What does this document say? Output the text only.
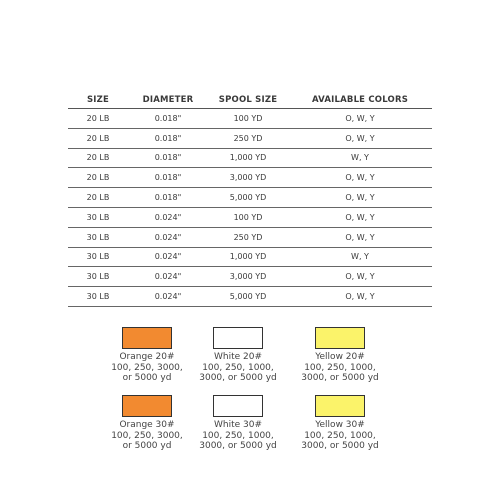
SIZE	DIAMETER	SPOOL SIZE	AVAILABLE COLORS
20 LB	0.018"	100 YD	O, W, Y
20 LB	0.018"	250 YD	O, W, Y
20 LB	0.018"	1,000 YD	W, Y
20 LB	0.018"	3,000 YD	O, W, Y
20 LB	0.018"	5,000 YD	O, W, Y
30 LB	0.024"	100 YD	O, W, Y
30 LB	0.024"	250 YD	O, W, Y
30 LB	0.024"	1,000 YD	W, Y
30 LB	0.024"	3,000 YD	O, W, Y
30 LB	0.024"	5,000 YD	O, W, Y
Orange 20#
100, 250, 3000,
or 5000 yd
White 20#
100, 250, 1000,
3000, or 5000 yd
Yellow 20#
100, 250, 1000,
3000, or 5000 yd
Orange 30#
100, 250, 3000,
or 5000 yd
White 30#
100, 250, 1000,
3000, or 5000 yd
Yellow 30#
100, 250, 1000,
3000, or 5000 yd
